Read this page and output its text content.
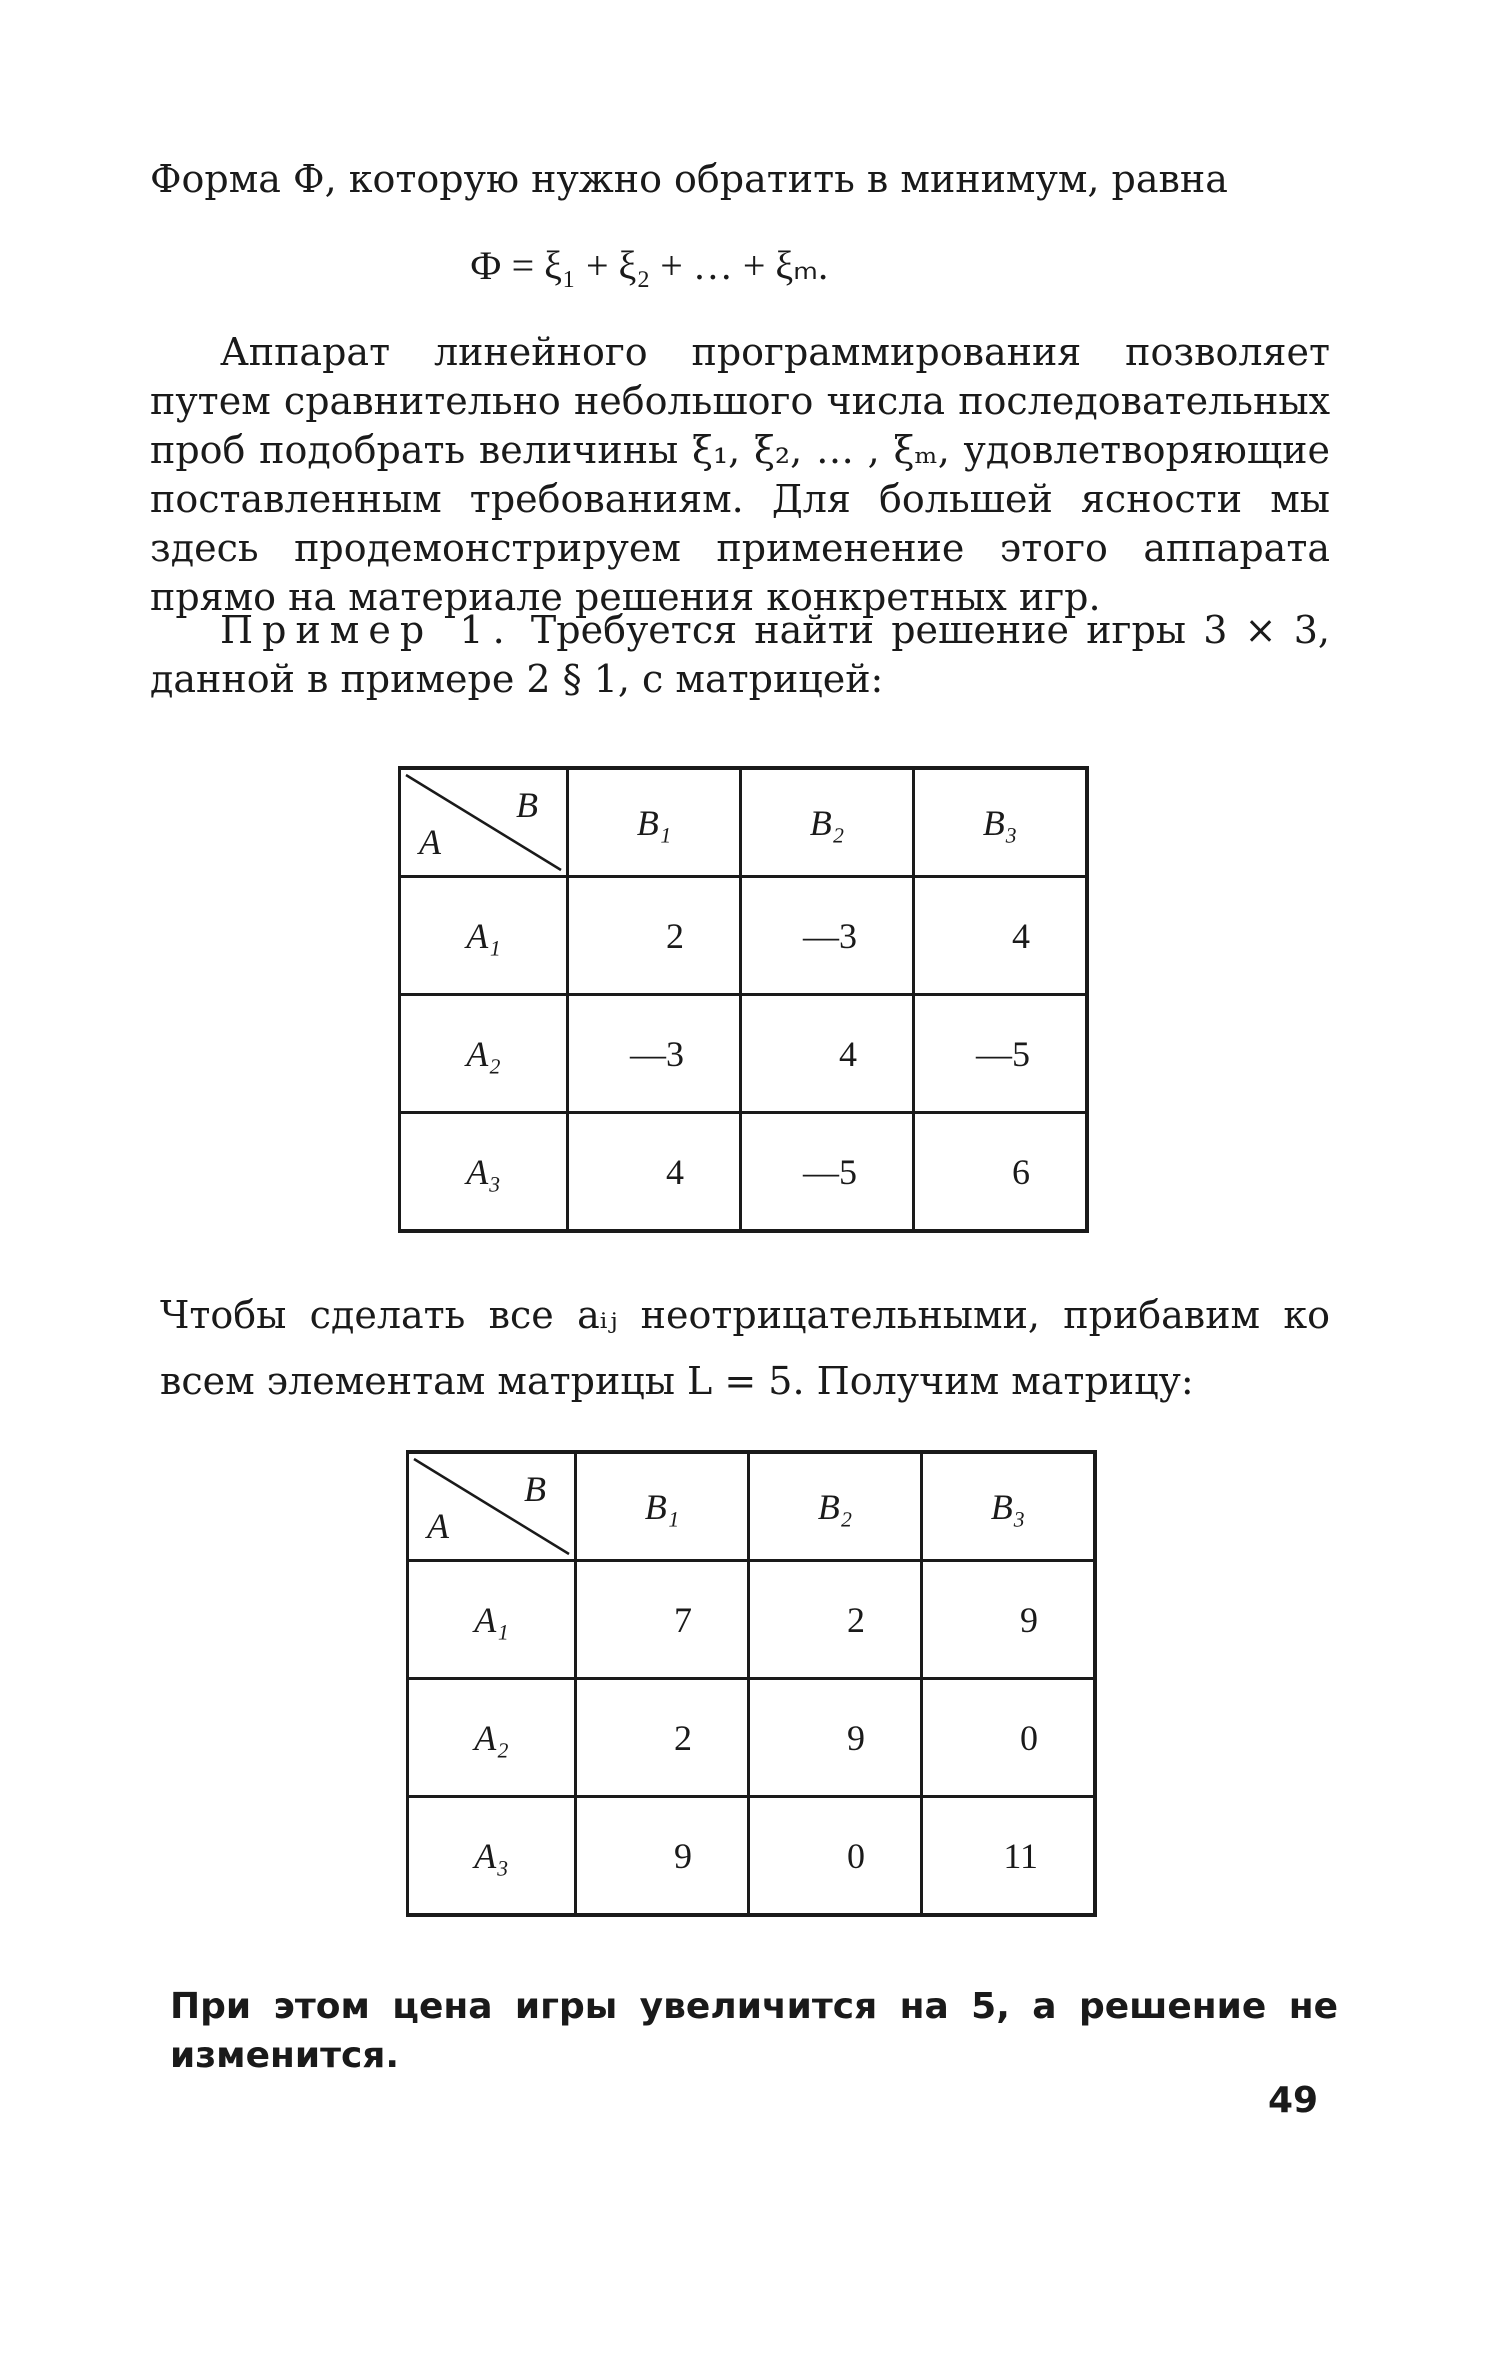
Форма Ф, которую нужно обратить в минимум, равна
Ф = ξ₁ + ξ₂ + … + ξₘ.
Аппарат линейного программирования позволяет путем сравнительно небольшого числа последовательных проб подобрать величины ξ₁, ξ₂, … , ξₘ, удовлетворяющие поставленным требованиям. Для большей ясности мы здесь продемонстрируем применение этого аппарата прямо на материале решения конкретных игр.
Пример 1. Требуется найти решение игры 3 × 3, данной в примере 2 § 1, с матрицей:
B
A	B₁	B₂	B₃
A₁	2	—3	4
A₂	—3	4	—5
A₃	4	—5	6
Чтобы сделать все aᵢⱼ неотрицательными, прибавим ко всем элементам матрицы L = 5. Получим матрицу:
B
A	B₁	B₂	B₃
A₁	7	2	9
A₂	2	9	0
A₃	9	0	11
При этом цена игры увеличится на 5, а решение не изменится.
49
